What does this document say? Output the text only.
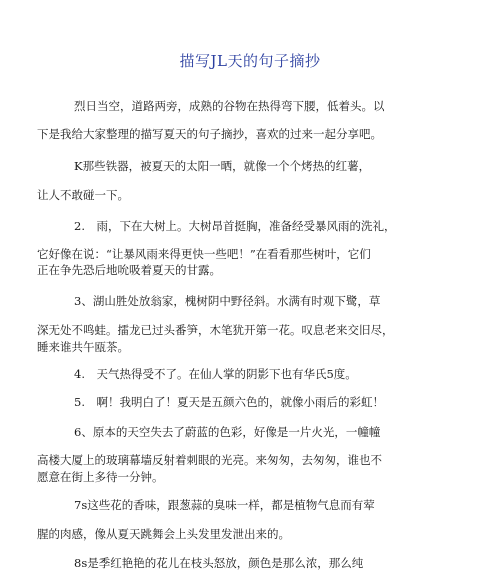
描写JL天的句子摘抄
烈日当空，道路两旁，成熟的谷物在热得弯下腰，低着头。以
下是我给大家整理的描写夏天的句子摘抄，喜欢的过来一起分享吧。
K那些铁器，被夏天的太阳一晒，就像一个个烤热的红薯，
让人不敢碰一下。
2.　雨，下在大树上。大树昂首挺胸，准备经受暴风雨的洗礼，
它好像在说：“让暴风雨来得更快一些吧！”在看看那些树叶，它们
正在争先恐后地吮吸着夏天的甘露。
3、湖山胜处放翁家，槐树阴中野径斜。水满有时观下鹭，草
深无处不鸣蛙。擂龙已过头番笋，木笔犹开第一花。叹息老来交旧尽，
睡来谁共午瓯茶。
4.　天气热得受不了。在仙人掌的阴影下也有华氏5度。
5.　啊！我明白了！夏天是五颜六色的，就像小雨后的彩虹！
6、原本的天空失去了蔚蓝的色彩，好像是一片火光，一幢幢
高楼大厦上的玻璃幕墙反射着刺眼的光亮。来匆匆，去匆匆，谁也不
愿意在街上多待一分钟。
7s这些花的香味，跟葱蒜的臭味一样，都是植物气息而有荤
腥的肉感，像从夏天跳舞会上头发里发泄出来的。
8s是季红艳艳的花儿在枝头怒放，颜色是那么浓，那么纯
